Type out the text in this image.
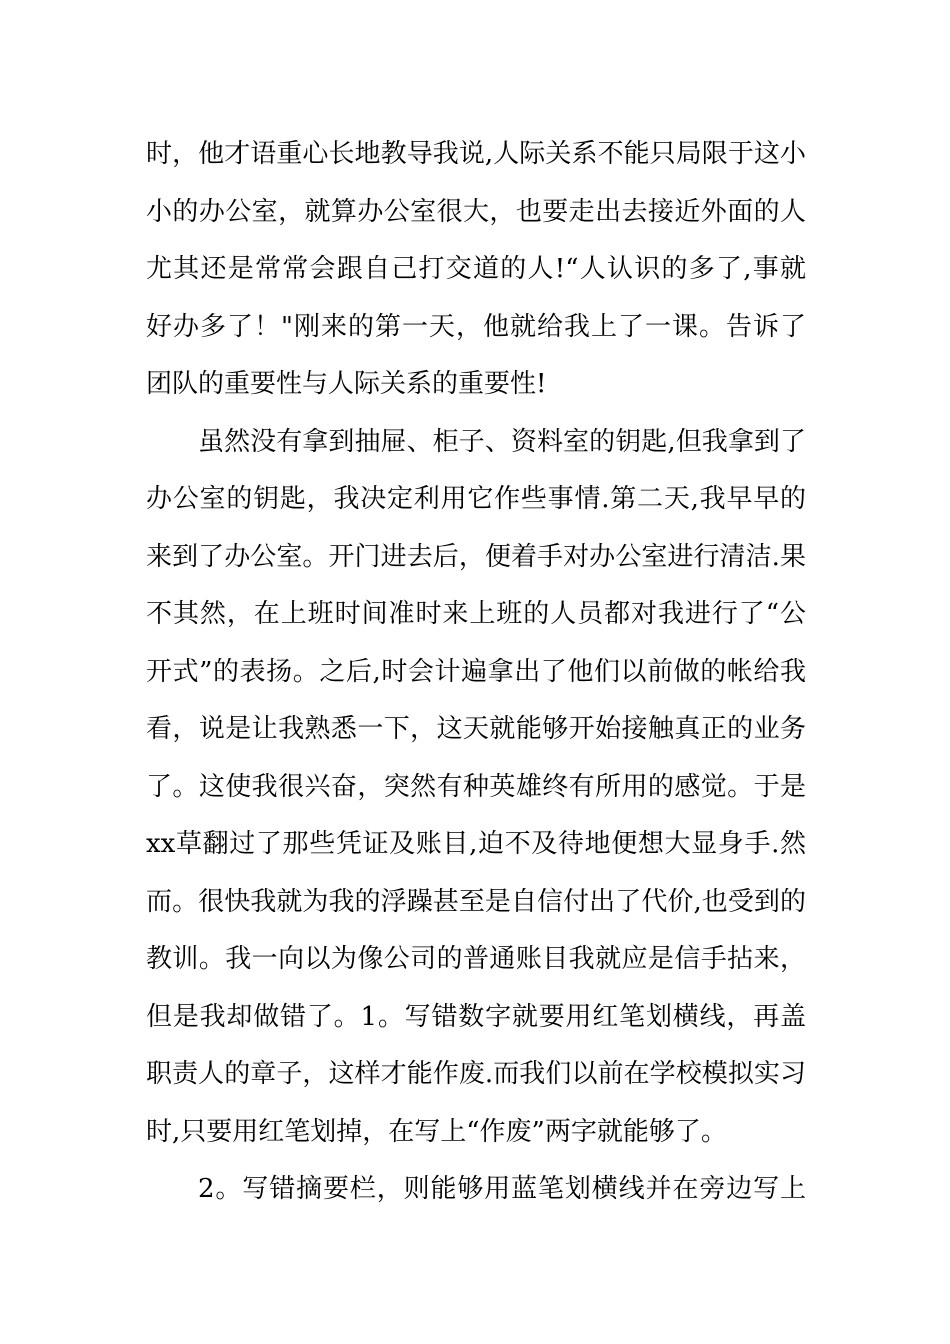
时，他才语重心长地教导我说,人际关系不能只局限于这小
小的办公室，就算办公室很大，也要走出去接近外面的人
尤其还是常常会跟自己打交道的人!“人认识的多了,事就
好办多了！"刚来的第一天，他就给我上了一课。告诉了
团队的重要性与人际关系的重要性!
虽然没有拿到抽屉、柜子、资料室的钥匙,但我拿到了
办公室的钥匙，我决定利用它作些事情.第二天,我早早的
来到了办公室。开门进去后，便着手对办公室进行清洁.果
不其然，在上班时间准时来上班的人员都对我进行了“公
开式”的表扬。之后,时会计遍拿出了他们以前做的帐给我
看，说是让我熟悉一下，这天就能够开始接触真正的业务
了。这使我很兴奋，突然有种英雄终有所用的感觉。于是
xx草翻过了那些凭证及账目,迫不及待地便想大显身手.然
而。很快我就为我的浮躁甚至是自信付出了代价,也受到的
教训。我一向以为像公司的普通账目我就应是信手拈来，
但是我却做错了。1。写错数字就要用红笔划横线，再盖
职责人的章子，这样才能作废.而我们以前在学校模拟实习
时,只要用红笔划掉，在写上“作废”两字就能够了。
2。写错摘要栏，则能够用蓝笔划横线并在旁边写上
